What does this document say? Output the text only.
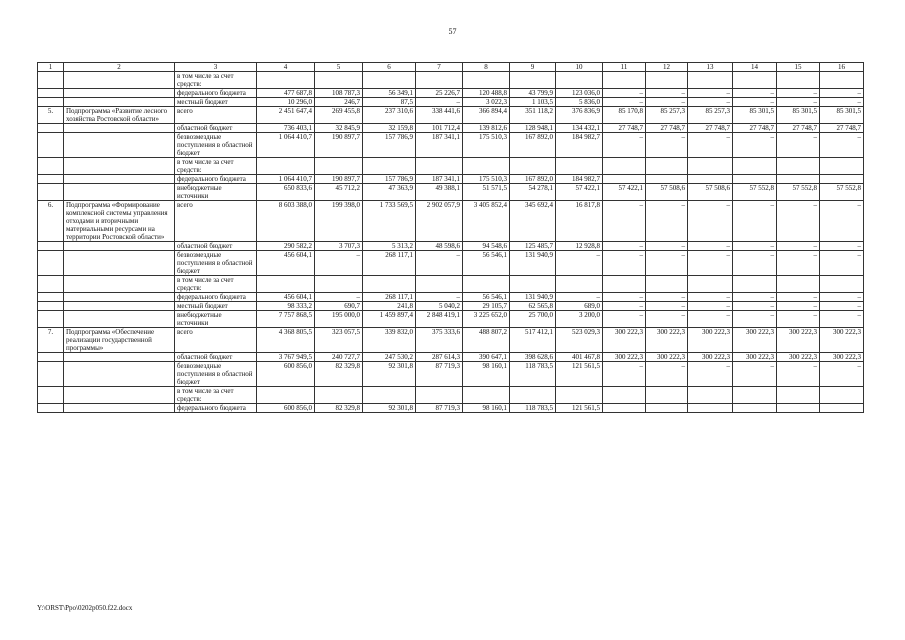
57
1	2	3	4	5	6	7	8	9	10	11	12	13	14	15	16
		в том числе за счет средств:													
		федерального бюджета	477 687,8	108 787,3	56 349,1	25 226,7	120 488,8	43 799,9	123 036,0	–	–	–	–	–	–
		местный бюджет	10 296,0	246,7	87,5	–	3 022,3	1 103,5	5 836,0	–	–	–	–	–	–
5.	Подпрограмма «Развитие лесного хозяйства Ростовской области»	всего	2 451 647,4	269 455,8	237 310,6	338 441,6	366 894,4	351 118,2	376 836,9	85 170,8	85 257,3	85 257,3	85 301,5	85 301,5	85 301,5
		областной бюджет	736 403,1	32 845,9	32 159,8	101 712,4	139 812,6	128 948,1	134 432,1	27 748,7	27 748,7	27 748,7	27 748,7	27 748,7	27 748,7
		безвозмездные поступления в областной бюджет	1 064 410,7	190 897,7	157 786,9	187 341,1	175 510,3	167 892,0	184 982,7	–	–	–	–	–	–
		в том числе за счет средств:													
		федерального бюджета	1 064 410,7	190 897,7	157 786,9	187 341,1	175 510,3	167 892,0	184 982,7						
		внебюджетные источники	650 833,6	45 712,2	47 363,9	49 388,1	51 571,5	54 278,1	57 422,1	57 422,1	57 508,6	57 508,6	57 552,8	57 552,8	57 552,8
6.	Подпрограмма «Формирование комплексной системы управления отходами и вторичными материальными ресурсами на территории Ростовской области»	всего	8 603 388,0	199 398,0	1 733 569,5	2 902 057,9	3 405 852,4	345 692,4	16 817,8	–	–	–	–	–	–
		областной бюджет	290 582,2	3 707,3	5 313,2	48 598,6	94 548,6	125 485,7	12 928,8	–	–	–	–	–	–
		безвозмездные поступления в областной бюджет	456 604,1	–	268 117,1	–	56 546,1	131 940,9	–	–	–	–	–	–	–
		в том числе за счет средств:													
		федерального бюджета	456 604,1	–	268 117,1	–	56 546,1	131 940,9	–	–	–	–	–	–	–
		местный бюджет	98 333,2	690,7	241,8	5 040,2	29 105,7	62 565,8	689,0	–	–	–	–	–	–
		внебюджетные источники	7 757 868,5	195 000,0	1 459 897,4	2 848 419,1	3 225 652,0	25 700,0	3 200,0	–	–	–	–	–	–
7.	Подпрограмма «Обеспечение реализации государственной программы»	всего	4 368 805,5	323 057,5	339 832,0	375 333,6	488 807,2	517 412,1	523 029,3	300 222,3	300 222,3	300 222,3	300 222,3	300 222,3	300 222,3
		областной бюджет	3 767 949,5	240 727,7	247 530,2	287 614,3	390 647,1	398 628,6	401 467,8	300 222,3	300 222,3	300 222,3	300 222,3	300 222,3	300 222,3
		безвозмездные поступления в областной бюджет	600 856,0	82 329,8	92 301,8	87 719,3	98 160,1	118 783,5	121 561,5	–	–	–	–	–	–
		в том числе за счет средств:													
		федерального бюджета	600 856,0	82 329,8	92 301,8	87 719,3	98 160,1	118 783,5	121 561,5						
Y:\ORST\Ppo\0202p050.f22.docx
